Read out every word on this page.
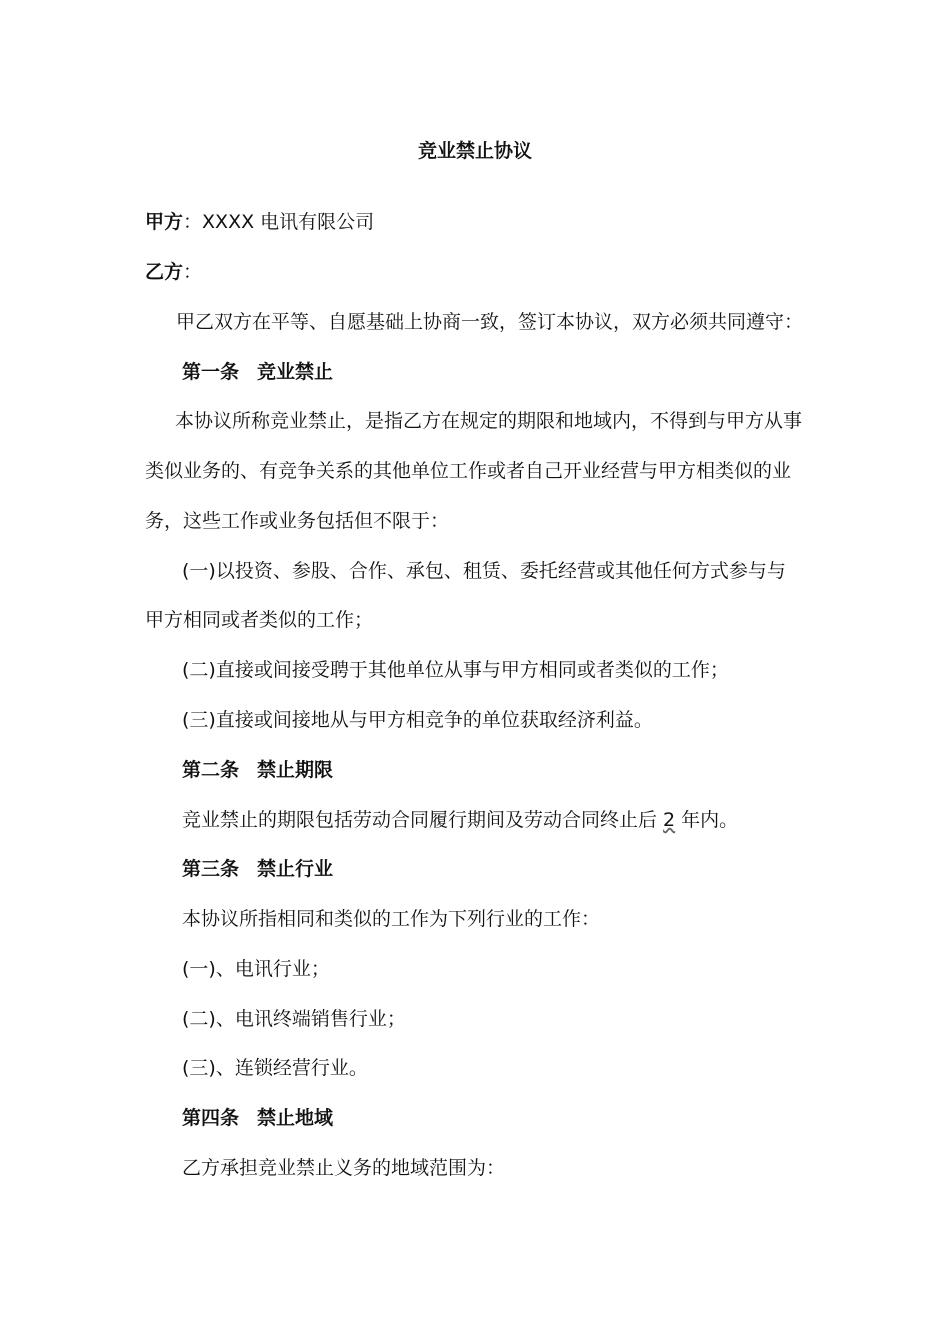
竞业禁止协议
甲方：XXXX 电讯有限公司
乙方：
甲乙双方在平等、自愿基础上协商一致，签订本协议，双方必须共同遵守：
第一条 竞业禁止
本协议所称竞业禁止，是指乙方在规定的期限和地域内，不得到与甲方从事
类似业务的、有竞争关系的其他单位工作或者自己开业经营与甲方相类似的业
务，这些工作或业务包括但不限于：
(一)以投资、参股、合作、承包、租赁、委托经营或其他任何方式参与与
甲方相同或者类似的工作；
(二)直接或间接受聘于其他单位从事与甲方相同或者类似的工作；
(三)直接或间接地从与甲方相竞争的单位获取经济利益。
第二条 禁止期限
竞业禁止的期限包括劳动合同履行期间及劳动合同终止后 2 年内。
第三条 禁止行业
本协议所指相同和类似的工作为下列行业的工作：
(一)、电讯行业；
(二)、电讯终端销售行业；
(三)、连锁经营行业。
第四条 禁止地域
乙方承担竞业禁止义务的地域范围为：
